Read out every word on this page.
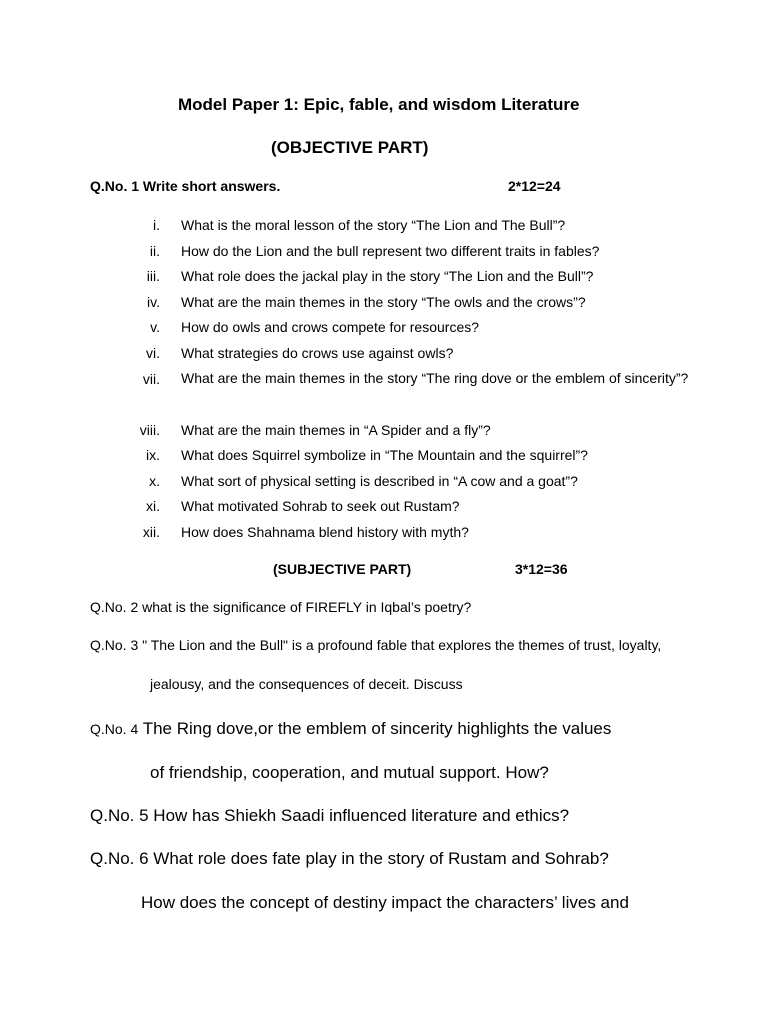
Model Paper 1: Epic, fable, and wisdom Literature
(OBJECTIVE PART)
Q.No. 1 Write short answers.	2*12=24
i. What is the moral lesson of the story “The Lion and The Bull”?
ii. How do the Lion and the bull represent two different traits in fables?
iii. What role does the jackal play in the story “The Lion and the Bull”?
iv. What are the main themes in the story “The owls and the crows”?
v. How do owls and crows compete for resources?
vi. What strategies do crows use against owls?
vii. What are the main themes in the story “The ring dove or the emblem of sincerity”?
viii. What are the main themes in “A Spider and a fly”?
ix. What does Squirrel symbolize in “The Mountain and the squirrel”?
x. What sort of physical setting is described in “A cow and a goat”?
xi. What motivated Sohrab to seek out Rustam?
xii. How does Shahnama blend history with myth?
(SUBJECTIVE PART)	3*12=36
Q.No. 2 what is the significance of FIREFLY in Iqbal’s poetry?
Q.No. 3 " The Lion and the Bull" is a profound fable that explores the themes of trust, loyalty,
jealousy, and the consequences of deceit. Discuss
Q.No. 4 The Ring dove,or the emblem of sincerity highlights the values
of friendship, cooperation, and mutual support. How?
Q.No. 5 How has Shiekh Saadi influenced literature and ethics?
Q.No. 6 What role does fate play in the story of Rustam and Sohrab?
How does the concept of destiny impact the characters’ lives and
